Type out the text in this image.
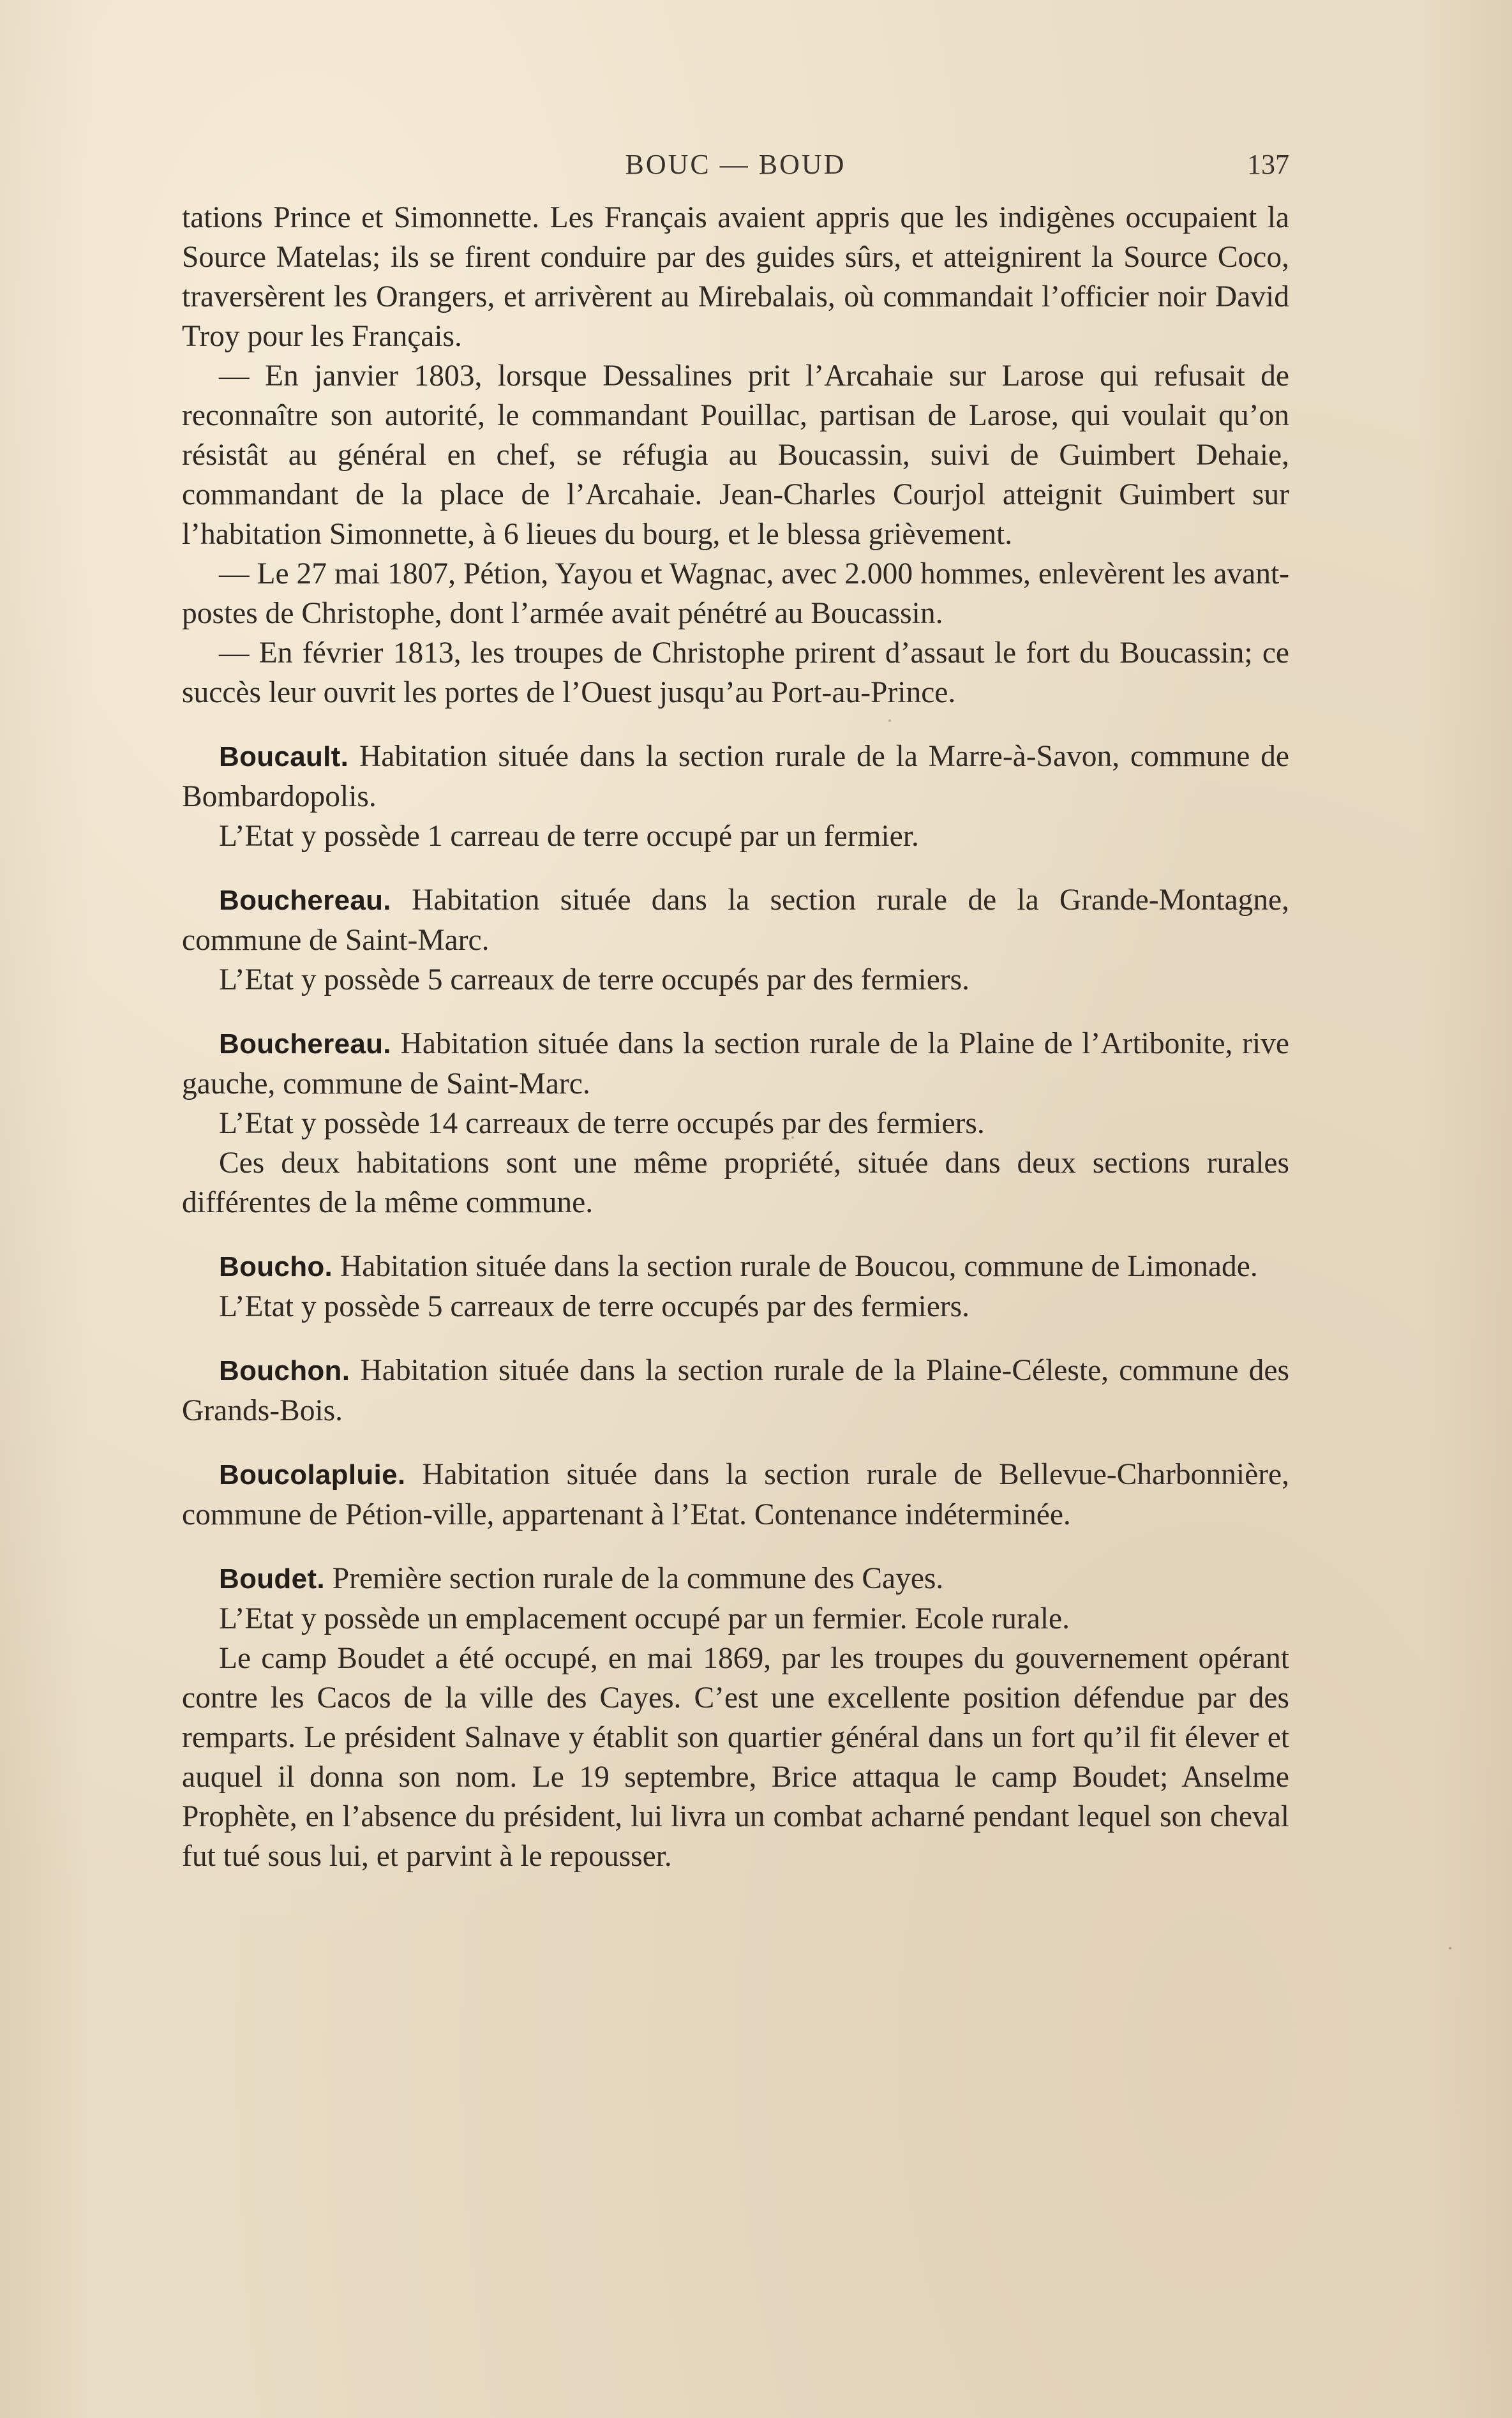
BOUC — BOUD	137

tations Prince et Simonnette. Les Français avaient appris que les indigènes occupaient la Source Matelas; ils se firent conduire par des guides sûrs, et atteignirent la Source Coco, traversèrent les Orangers, et arrivèrent au Mirebalais, où commandait l’officier noir David Troy pour les Français.

— En janvier 1803, lorsque Dessalines prit l’Arcahaie sur Larose qui refusait de reconnaître son autorité, le commandant Pouillac, partisan de Larose, qui voulait qu’on résistât au général en chef, se réfugia au Boucassin, suivi de Guimbert Dehaie, commandant de la place de l’Arcahaie. Jean-Charles Courjol atteignit Guimbert sur l’habitation Simonnette, à 6 lieues du bourg, et le blessa grièvement.

— Le 27 mai 1807, Pétion, Yayou et Wagnac, avec 2.000 hommes, enlevèrent les avant-postes de Christophe, dont l’armée avait pénétré au Boucassin.

— En février 1813, les troupes de Christophe prirent d’assaut le fort du Boucassin; ce succès leur ouvrit les portes de l’Ouest jusqu’au Port-au-Prince.

Boucault. Habitation située dans la section rurale de la Marre-à-Savon, commune de Bombardopolis.

L’Etat y possède 1 carreau de terre occupé par un fermier.

Bouchereau. Habitation située dans la section rurale de la Grande-Montagne, commune de Saint-Marc.

L’Etat y possède 5 carreaux de terre occupés par des fermiers.

Bouchereau. Habitation située dans la section rurale de la Plaine de l’Artibonite, rive gauche, commune de Saint-Marc.

L’Etat y possède 14 carreaux de terre occupés par des fermiers.

Ces deux habitations sont une même propriété, située dans deux sections rurales différentes de la même commune.

Boucho. Habitation située dans la section rurale de Boucou, commune de Limonade.

L’Etat y possède 5 carreaux de terre occupés par des fermiers.

Bouchon. Habitation située dans la section rurale de la Plaine-Céleste, commune des Grands-Bois.

Boucolapluie. Habitation située dans la section rurale de Bellevue-Charbonnière, commune de Pétion-ville, appartenant à l’Etat. Contenance indéterminée.

Boudet. Première section rurale de la commune des Cayes.

L’Etat y possède un emplacement occupé par un fermier. Ecole rurale.

Le camp Boudet a été occupé, en mai 1869, par les troupes du gouvernement opérant contre les Cacos de la ville des Cayes. C’est une excellente position défendue par des remparts. Le président Salnave y établit son quartier général dans un fort qu’il fit élever et auquel il donna son nom. Le 19 septembre, Brice attaqua le camp Boudet; Anselme Prophète, en l’absence du président, lui livra un combat acharné pendant lequel son cheval fut tué sous lui, et parvint à le repousser.
